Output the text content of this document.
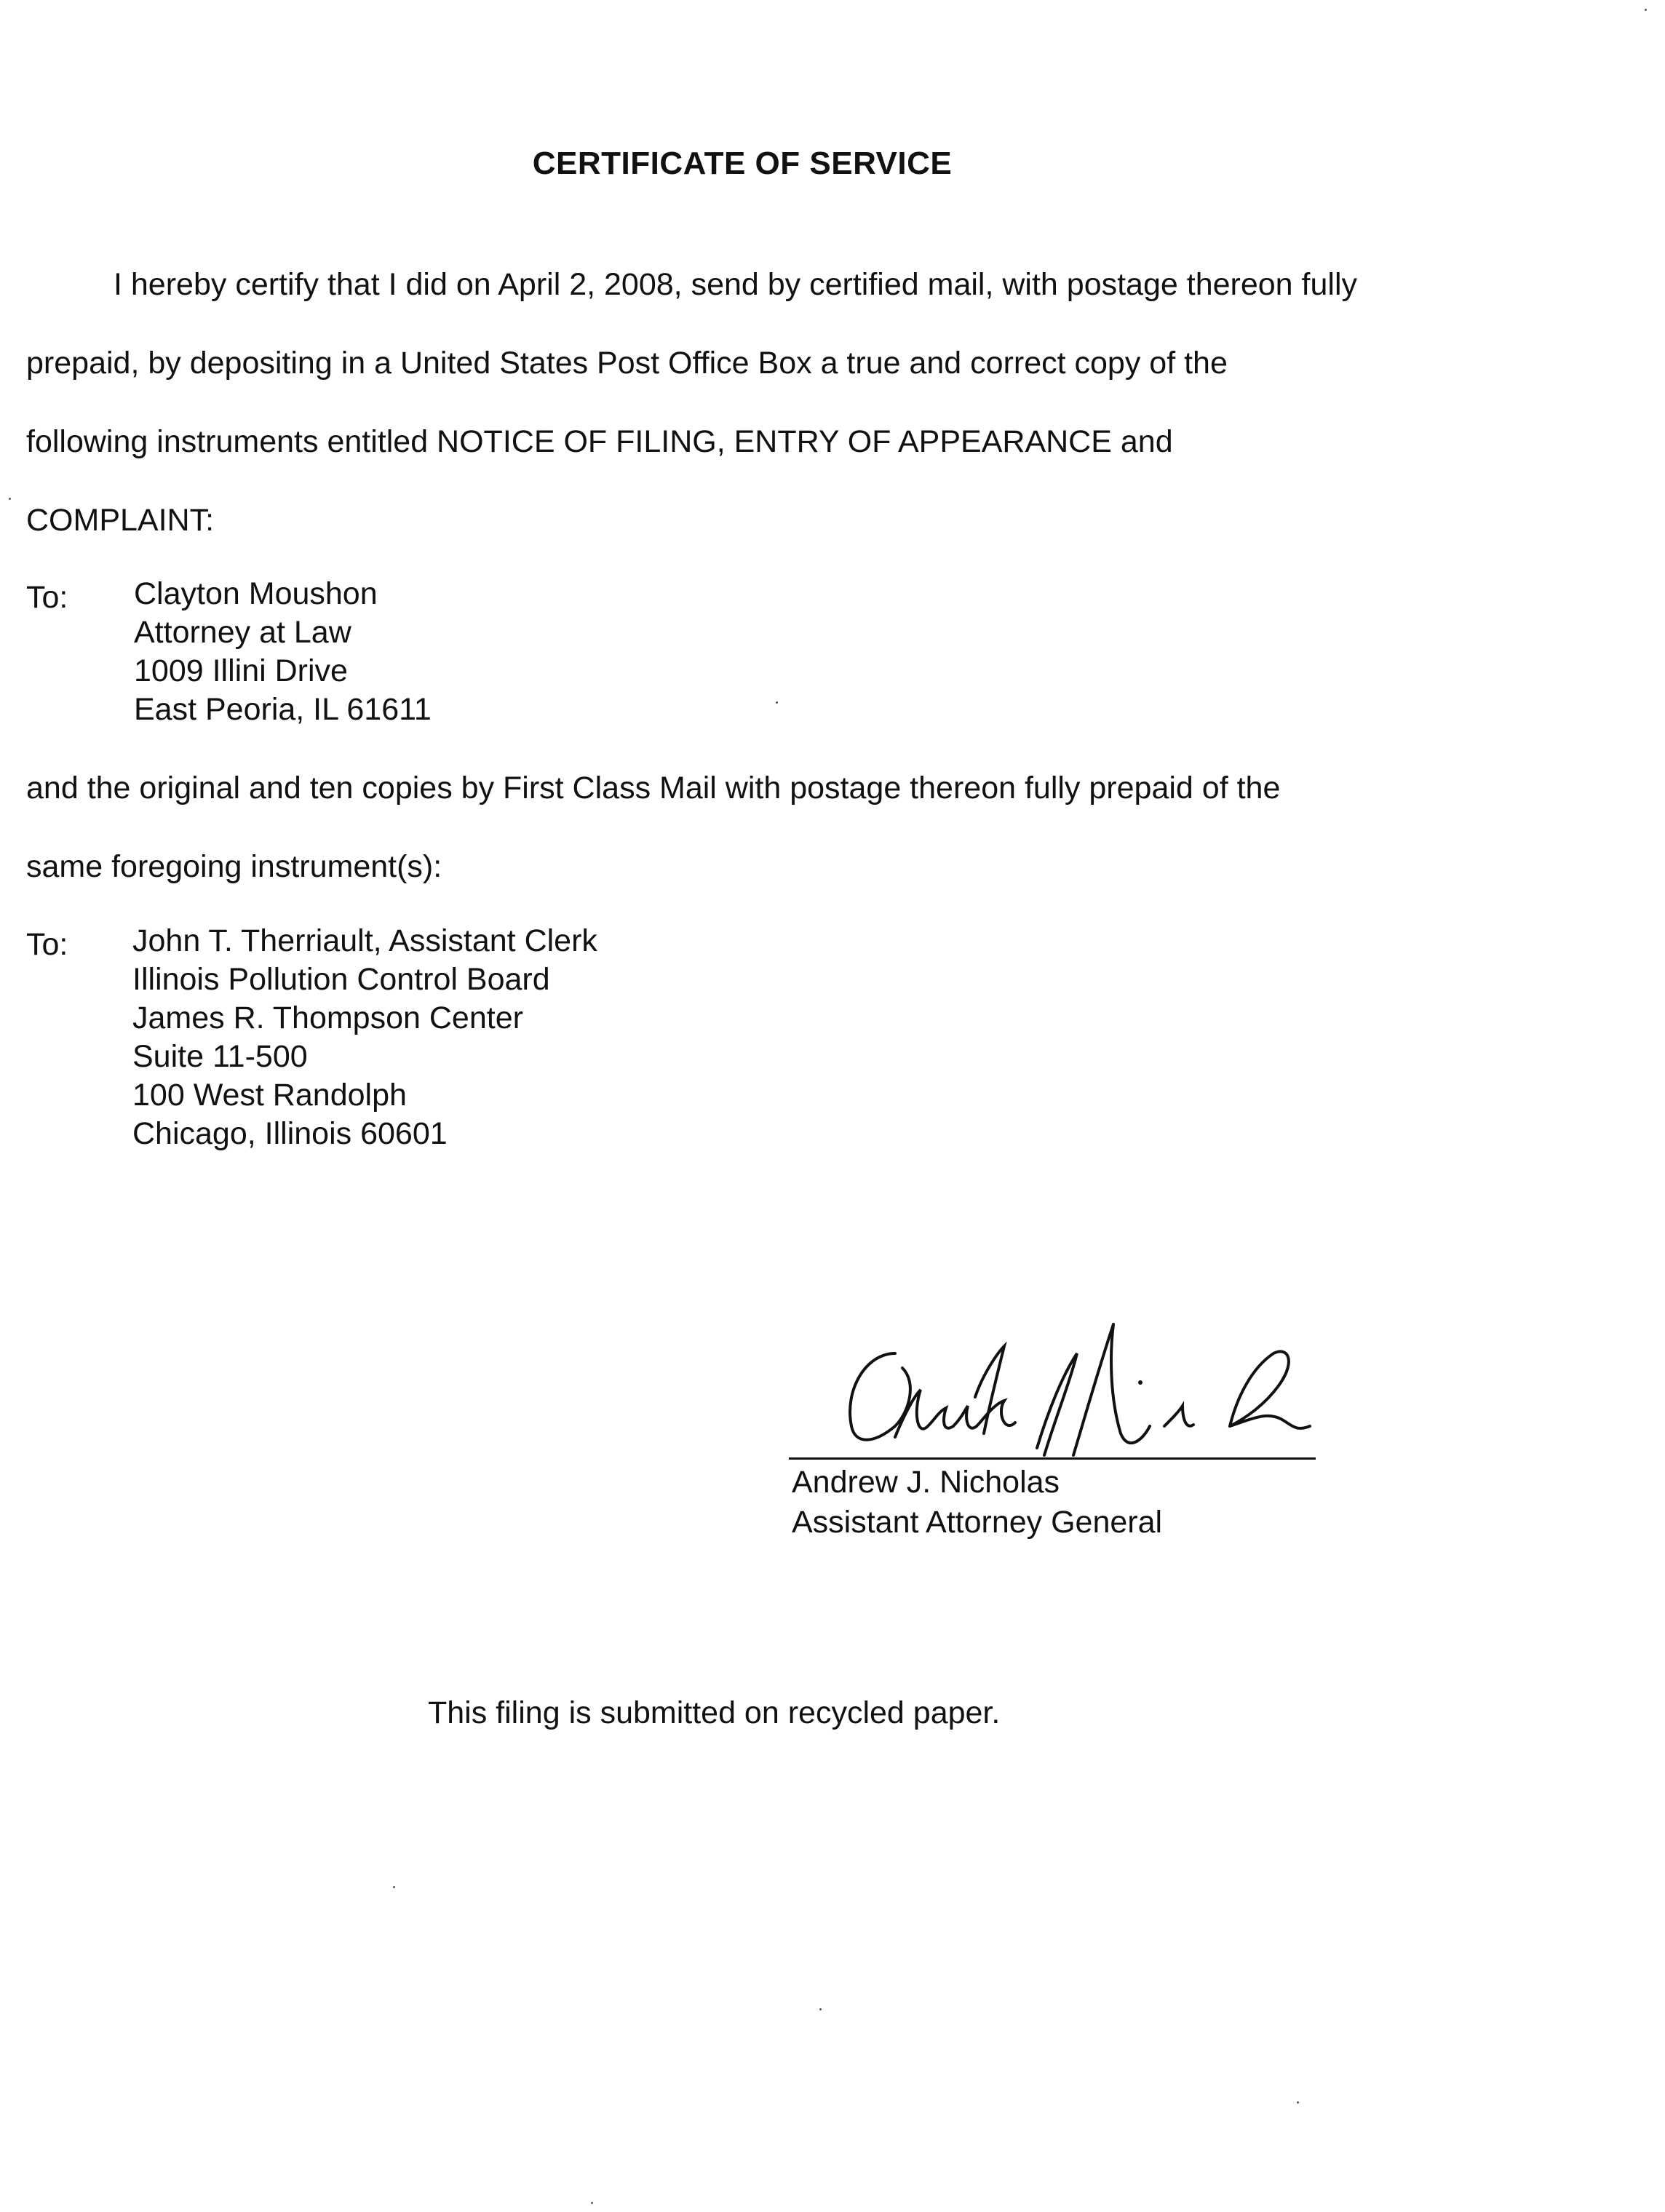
CERTIFICATE OF SERVICE
I hereby certify that I did on April 2, 2008, send by certified mail, with postage thereon fully
prepaid, by depositing in a United States Post Office Box a true and correct copy of the
following instruments entitled NOTICE OF FILING, ENTRY OF APPEARANCE and
COMPLAINT:
To: Clayton Moushon
Attorney at Law
1009 Illini Drive
East Peoria, IL 61611
and the original and ten copies by First Class Mail with postage thereon fully prepaid of the
same foregoing instrument(s):
To: John T. Therriault, Assistant Clerk
Illinois Pollution Control Board
James R. Thompson Center
Suite 11-500
100 West Randolph
Chicago, Illinois 60601
Andrew J. Nicholas
Assistant Attorney General
This filing is submitted on recycled paper.
